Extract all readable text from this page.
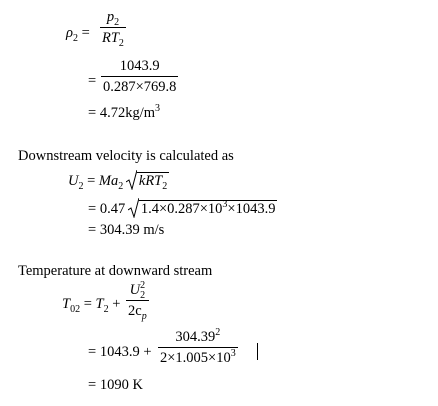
$\rho_2 = \frac{p_2}{RT_2}$
= $\frac{1043.9}{0.287\times 769.8}$
= $4.72kg/m^3$
Downstream velocity is calculated as
$U_2 = Ma_2$ kRT$_2$
= 0.47 $1.4\times 0.287\times 10^3\times 1043.9$
= 304.39 m/s
Temperature at downward stream
$T_{02} = T_2 + \frac{U^2_2}{2c_p}$
= $1043.9 + \frac{304.39^2}{2\times 1.005\times 10^3}$
= 1090 K
